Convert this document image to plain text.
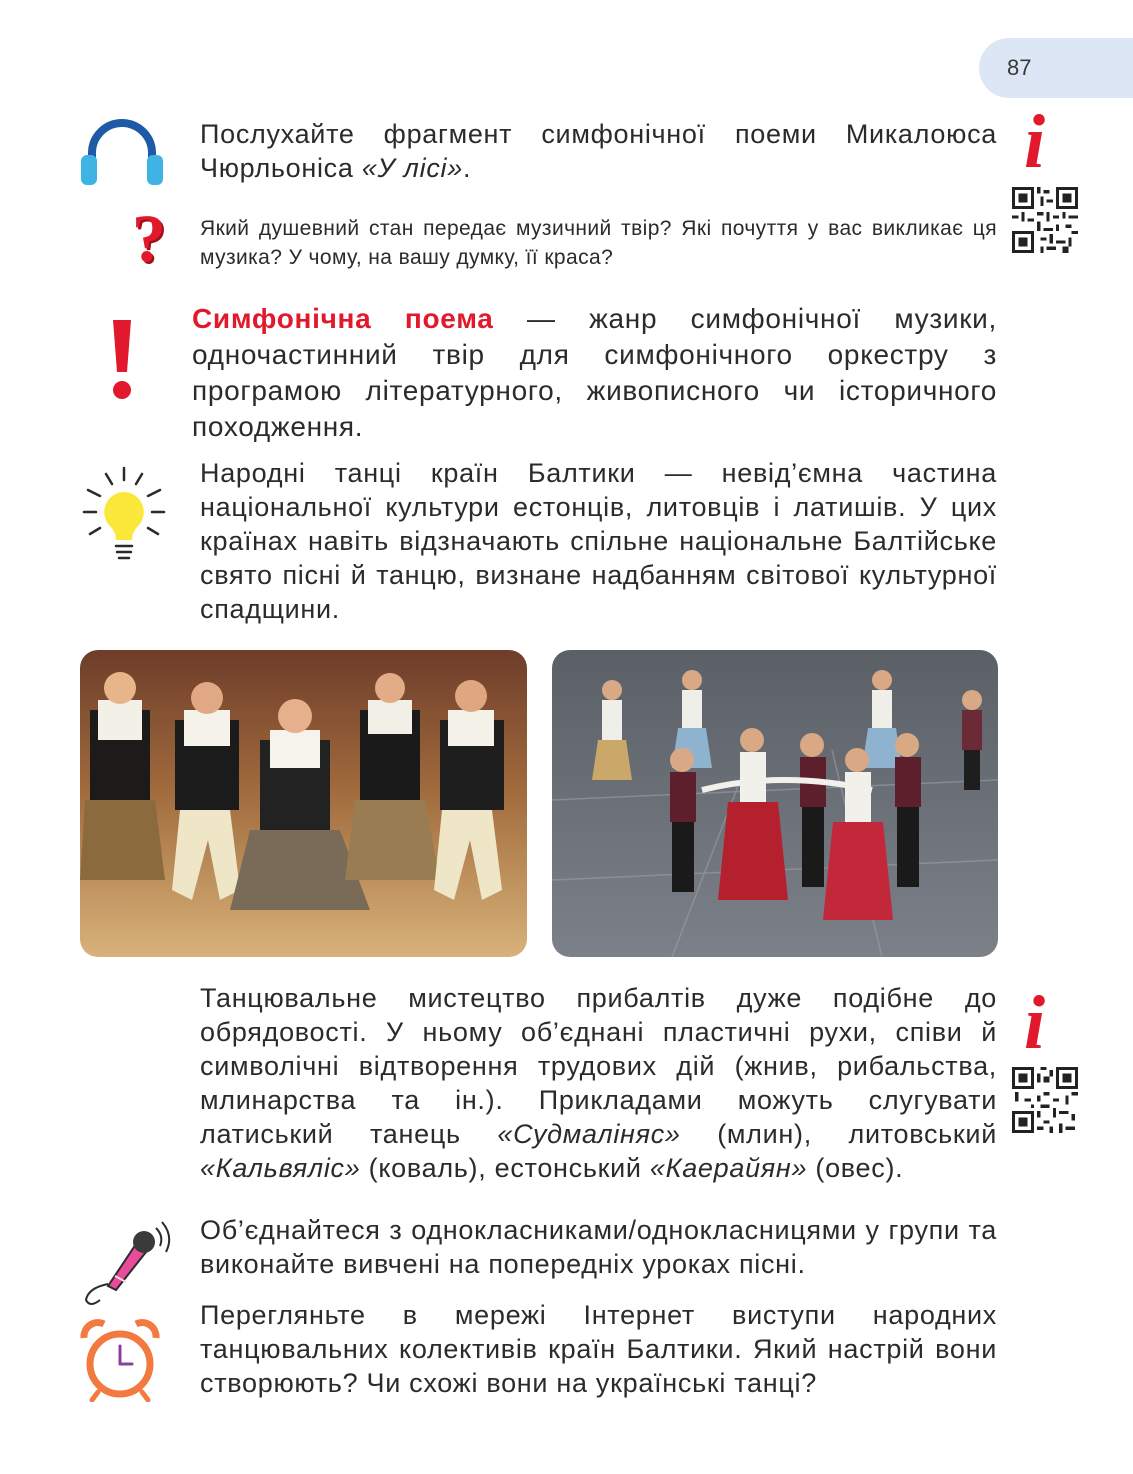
87

Послухайте фрагмент симфонічної поеми Микалоюса Чюрльоніса «У лісі».	i
? Який душевний стан передає музичний твір? Які почуття у вас викликає ця музика? У чому, на вашу думку, її краса?

Симфонічна поема — жанр симфонічної музики, одночастинний твір для симфонічного оркестру з програмою літературного, живописного чи історичного походження.

Народні танці країн Балтики — невід’ємна частина національної культури естонців, литовців і латишів. У цих країнах навіть відзначають спільне національне Балтійське свято пісні й танцю, визнане надбанням світової культурної спадщини.

Танцювальне мистецтво прибалтів дуже подібне до обрядовості. У ньому об’єднані пластичні рухи, співи й символічні відтворення трудових дій (жнив, рибальства, млинарства та ін.). Прикладами можуть слугувати латиський танець «Судмаліняс» (млин), литовський «Кальвяліс» (коваль), естонський «Каерайян» (овес).

i

Об’єднайтеся з однокласниками/однокласницями у групи та виконайте вивчені на попередніх уроках пісні.

Перегляньте в мережі Інтернет виступи народних танцювальних колективів країн Балтики. Який настрій вони створюють? Чи схожі вони на українські танці?
